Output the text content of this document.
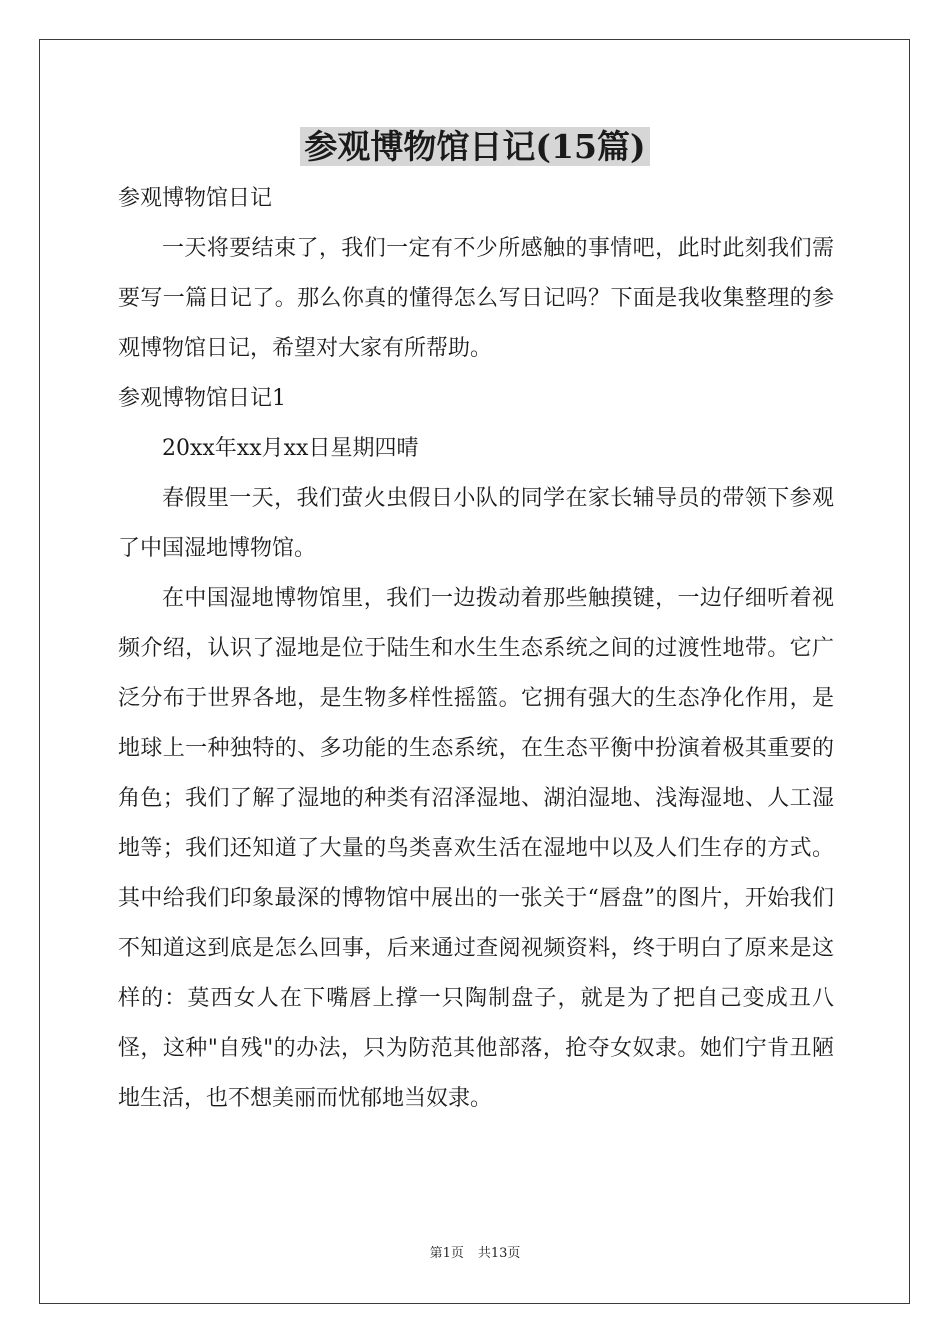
参观博物馆日记(15篇)

参观博物馆日记

一天将要结束了，我们一定有不少所感触的事情吧，此时此刻我们需要写一篇日记了。那么你真的懂得怎么写日记吗？下面是我收集整理的参观博物馆日记，希望对大家有所帮助。

参观博物馆日记1

20xx年xx月xx日星期四晴

春假里一天，我们萤火虫假日小队的同学在家长辅导员的带领下参观了中国湿地博物馆。

在中国湿地博物馆里，我们一边拨动着那些触摸键，一边仔细听着视频介绍，认识了湿地是位于陆生和水生生态系统之间的过渡性地带。它广泛分布于世界各地，是生物多样性摇篮。它拥有强大的生态净化作用，是地球上一种独特的、多功能的生态系统，在生态平衡中扮演着极其重要的角色；我们了解了湿地的种类有沼泽湿地、湖泊湿地、浅海湿地、人工湿地等；我们还知道了大量的鸟类喜欢生活在湿地中以及人们生存的方式。其中给我们印象最深的博物馆中展出的一张关于“唇盘”的图片，开始我们不知道这到底是怎么回事，后来通过查阅视频资料，终于明白了原来是这样的：莫西女人在下嘴唇上撑一只陶制盘子，就是为了把自己变成丑八怪，这种"自残"的办法，只为防范其他部落，抢夺女奴隶。她们宁肯丑陋地生活，也不想美丽而忧郁地当奴隶。

第1页 共13页
